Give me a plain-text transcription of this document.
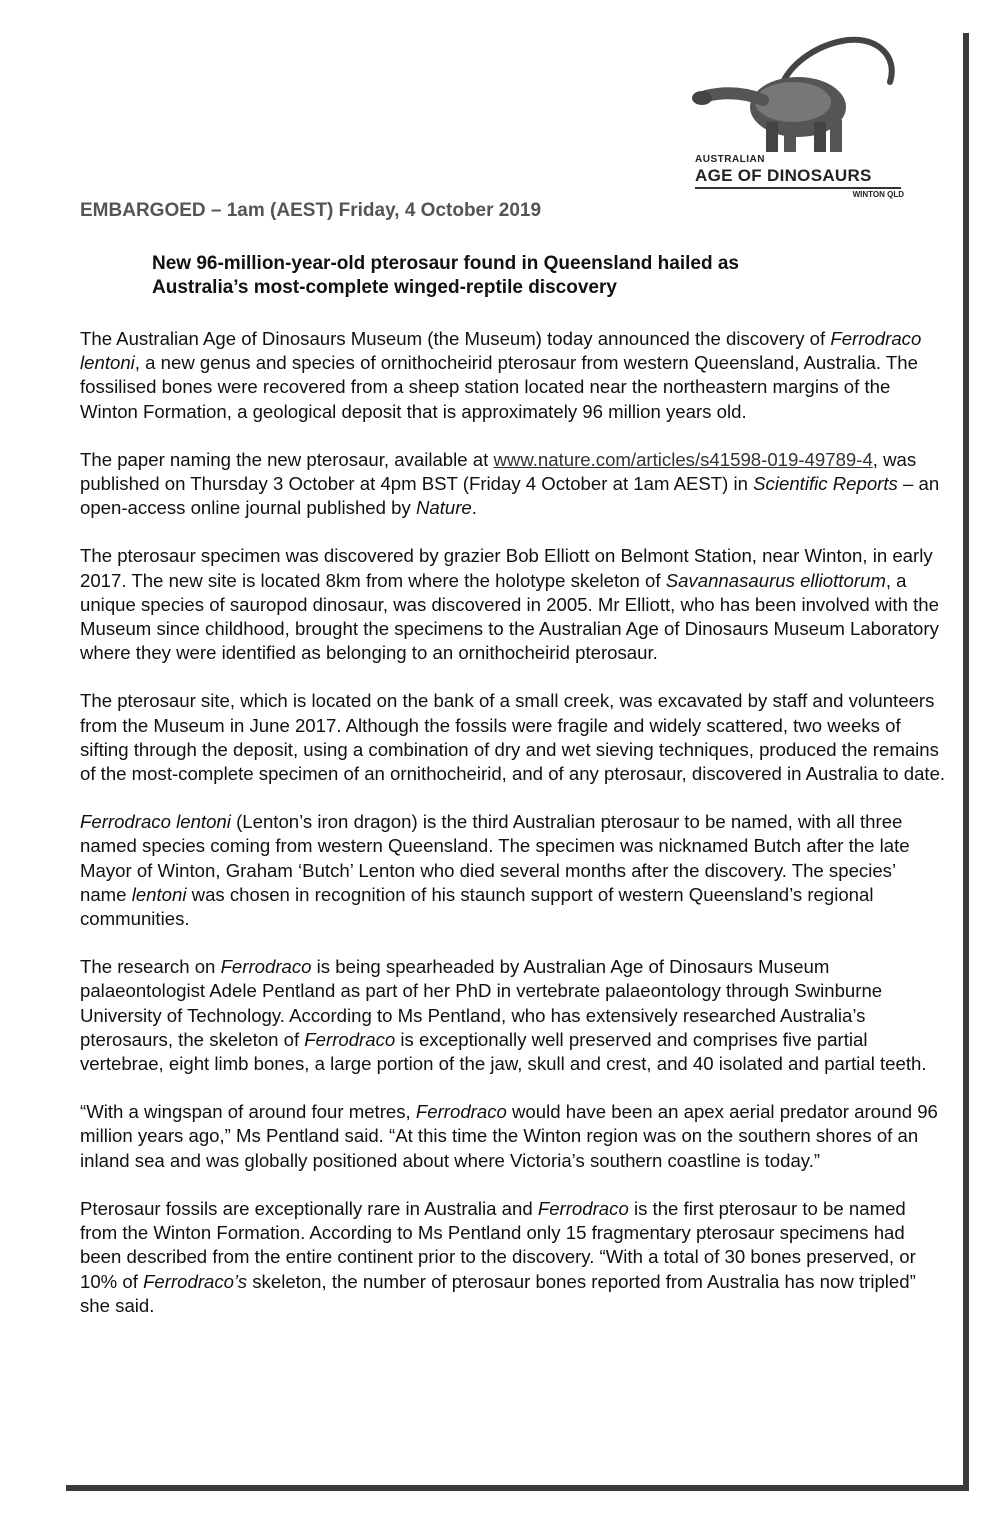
AUSTRALIAN
AGE OF DINOSAURS
WINTON QLD
EMBARGOED – 1am (AEST) Friday, 4 October 2019
New 96-million-year-old pterosaur found in Queensland hailed as
Australia’s most-complete winged-reptile discovery

The Australian Age of Dinosaurs Museum (the Museum) today announced the discovery of Ferrodraco lentoni, a new genus and species of ornithocheirid pterosaur from western Queensland, Australia. The fossilised bones were recovered from a sheep station located near the northeastern margins of the Winton Formation, a geological deposit that is approximately 96 million years old.

The paper naming the new pterosaur, available at www.nature.com/articles/s41598-019-49789-4, was published on Thursday 3 October at 4pm BST (Friday 4 October at 1am AEST) in Scientific Reports – an open-access online journal published by Nature.

The pterosaur specimen was discovered by grazier Bob Elliott on Belmont Station, near Winton, in early 2017. The new site is located 8km from where the holotype skeleton of Savannasaurus elliottorum, a unique species of sauropod dinosaur, was discovered in 2005. Mr Elliott, who has been involved with the Museum since childhood, brought the specimens to the Australian Age of Dinosaurs Museum Laboratory where they were identified as belonging to an ornithocheirid pterosaur.

The pterosaur site, which is located on the bank of a small creek, was excavated by staff and volunteers from the Museum in June 2017. Although the fossils were fragile and widely scattered, two weeks of sifting through the deposit, using a combination of dry and wet sieving techniques, produced the remains of the most-complete specimen of an ornithocheirid, and of any pterosaur, discovered in Australia to date.

Ferrodraco lentoni (Lenton’s iron dragon) is the third Australian pterosaur to be named, with all three named species coming from western Queensland. The specimen was nicknamed Butch after the late Mayor of Winton, Graham ‘Butch’ Lenton who died several months after the discovery. The species’ name lentoni was chosen in recognition of his staunch support of western Queensland’s regional communities.

The research on Ferrodraco is being spearheaded by Australian Age of Dinosaurs Museum palaeontologist Adele Pentland as part of her PhD in vertebrate palaeontology through Swinburne University of Technology. According to Ms Pentland, who has extensively researched Australia’s pterosaurs, the skeleton of Ferrodraco is exceptionally well preserved and comprises five partial vertebrae, eight limb bones, a large portion of the jaw, skull and crest, and 40 isolated and partial teeth.

“With a wingspan of around four metres, Ferrodraco would have been an apex aerial predator around 96 million years ago,” Ms Pentland said. “At this time the Winton region was on the southern shores of an inland sea and was globally positioned about where Victoria’s southern coastline is today.”

Pterosaur fossils are exceptionally rare in Australia and Ferrodraco is the first pterosaur to be named from the Winton Formation. According to Ms Pentland only 15 fragmentary pterosaur specimens had been described from the entire continent prior to the discovery. “With a total of 30 bones preserved, or 10% of Ferrodraco’s skeleton, the number of pterosaur bones reported from Australia has now tripled” she said.
